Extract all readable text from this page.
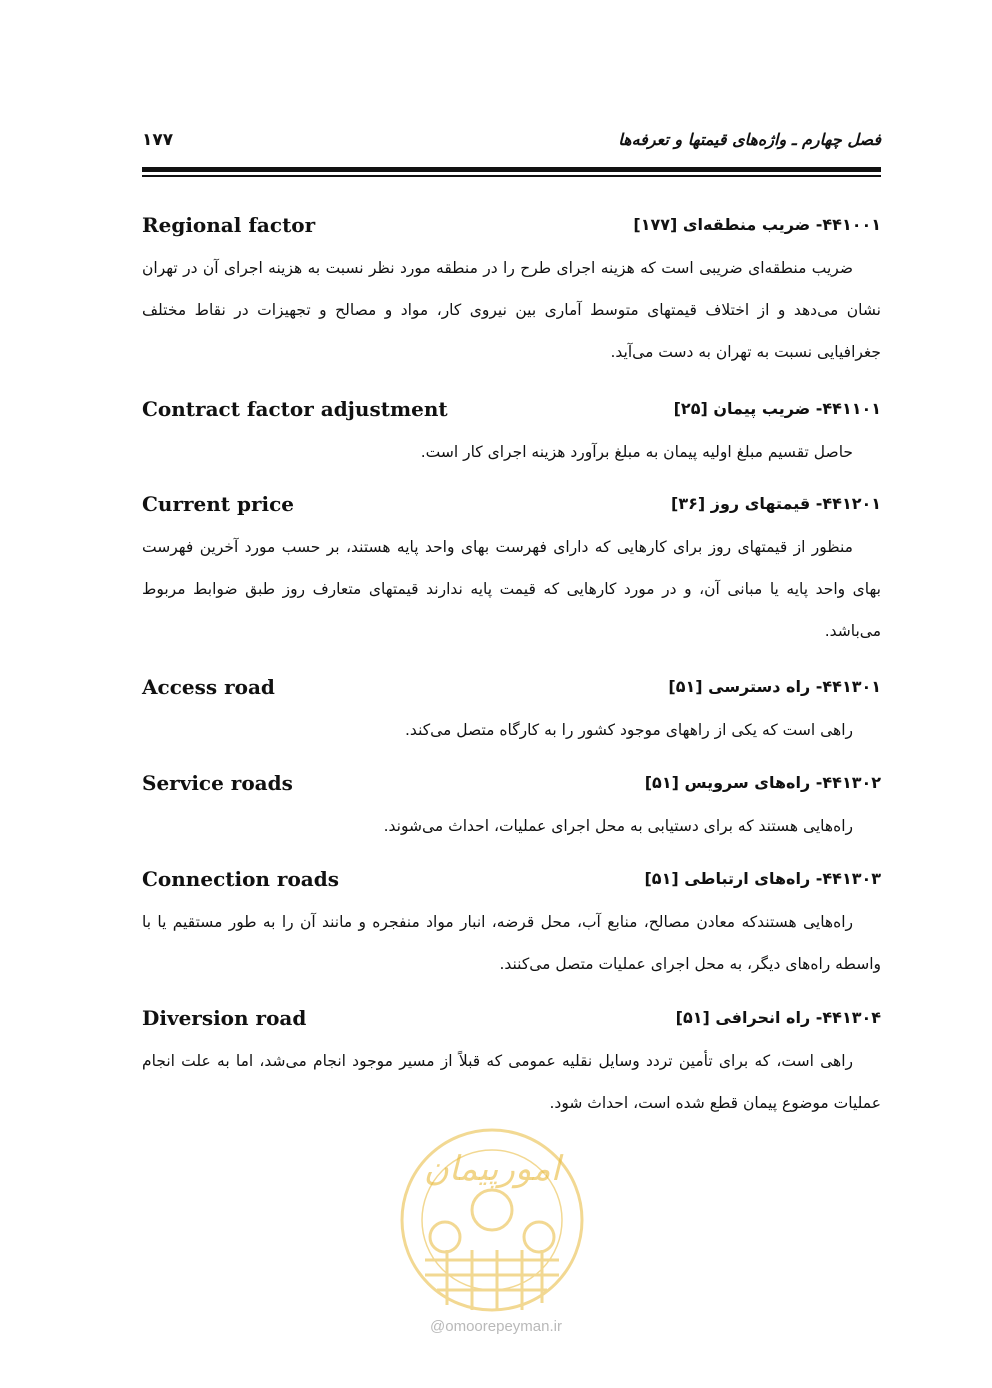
فصل چهارم ـ واژه‌های قیمتها و تعرفه‌ها
۱۷۷
Regional factor	۴۴۱۰۰۱- ضریب منطقه‌ای [۱۷۷]

ضریب منطقه‌ای ضریبی است که هزینه اجرای طرح را در منطقه مورد نظر نسبت به هزینه اجرای آن در تهران نشان می‌دهد و از اختلاف قیمتهای متوسط آماری بین نیروی کار، مواد و مصالح و تجهیزات در نقاط مختلف جغرافیایی نسبت به تهران به دست می‌آید.

Contract factor adjustment	۴۴۱۱۰۱- ضریب پیمان [۲۵]

حاصل تقسیم مبلغ اولیه پیمان به مبلغ برآورد هزینه اجرای کار است.

Current price	۴۴۱۲۰۱- قیمتهای روز [۳۶]

منظور از قیمتهای روز برای کارهایی که دارای فهرست بهای واحد پایه هستند، بر حسب مورد آخرین فهرست بهای واحد پایه یا مبانی آن، و در مورد کارهایی که قیمت پایه ندارند قیمتهای متعارف روز طبق ضوابط مربوط می‌باشد.

Access road	۴۴۱۳۰۱- راه دسترسی [۵۱]

راهی است که یکی از راههای موجود کشور را به کارگاه متصل می‌کند.

Service roads	۴۴۱۳۰۲- راه‌های سرویس [۵۱]

راه‌هایی هستند که برای دستیابی به محل اجرای عملیات، احداث می‌شوند.

Connection roads	۴۴۱۳۰۳- راه‌های ارتباطی [۵۱]

راه‌هایی هستندکه معادن مصالح، منابع آب، محل قرضه، انبار مواد منفجره و مانند آن را به طور مستقیم یا با واسطه راه‌های دیگر، به محل اجرای عملیات متصل می‌کنند.

Diversion road	۴۴۱۳۰۴- راه انحرافی [۵۱]

راهی است، که برای تأمین تردد وسایل نقلیه عمومی که قبلاً از مسیر موجود انجام می‌شد، اما به علت انجام عملیات موضوع پیمان قطع شده است، احداث شود.

امورپیمان
@omoorepeyman.ir
